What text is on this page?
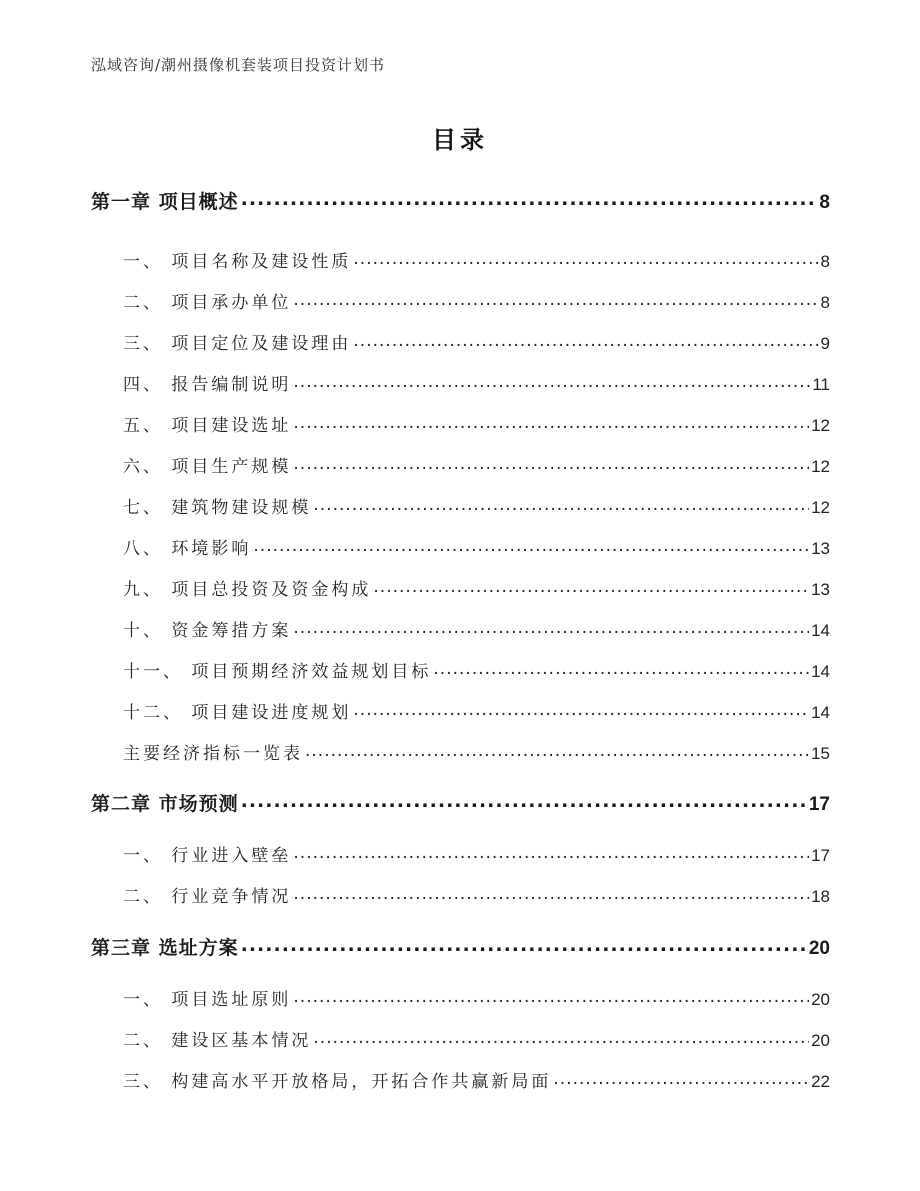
泓域咨询/潮州摄像机套装项目投资计划书
目录
第一章 项目概述 .....	8
一、 项目名称及建设性质 .....	8
二、 项目承办单位 .....	8
三、 项目定位及建设理由 .....	9
四、 报告编制说明 .....	11
五、 项目建设选址 .....	12
六、 项目生产规模 .....	12
七、 建筑物建设规模 .....	12
八、 环境影响 .....	13
九、 项目总投资及资金构成 .....	13
十、 资金筹措方案 .....	14
十一、 项目预期经济效益规划目标 .....	14
十二、 项目建设进度规划 .....	14
主要经济指标一览表 .....	15
第二章 市场预测 .....	17
一、 行业进入壁垒 .....	17
二、 行业竞争情况 .....	18
第三章 选址方案 .....	20
一、 项目选址原则 .....	20
二、 建设区基本情况 .....	20
三、 构建高水平开放格局，开拓合作共赢新局面 .....	22
